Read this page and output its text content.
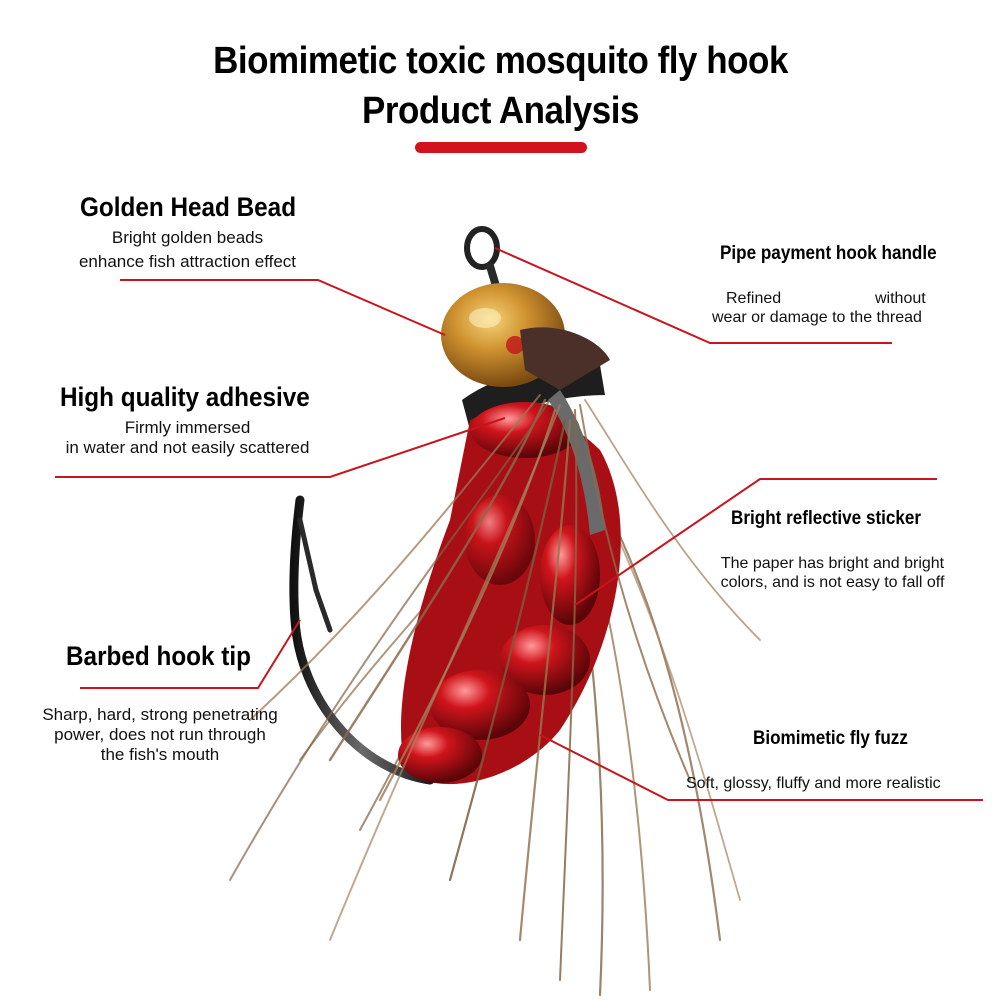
Biomimetic toxic mosquito fly hook
Product Analysis
Golden Head Bead
Bright golden beads
enhance fish attraction effect
High quality adhesive
Firmly immersed
in water and not easily scattered
Barbed hook tip
Sharp, hard, strong penetrating
power, does not run through
the fish's mouth
Pipe payment hook handle
Refined	without
wear or damage to the thread
Bright reflective sticker
The paper has bright and bright
colors, and is not easy to fall off
Biomimetic fly fuzz
Soft, glossy, fluffy and more realistic
